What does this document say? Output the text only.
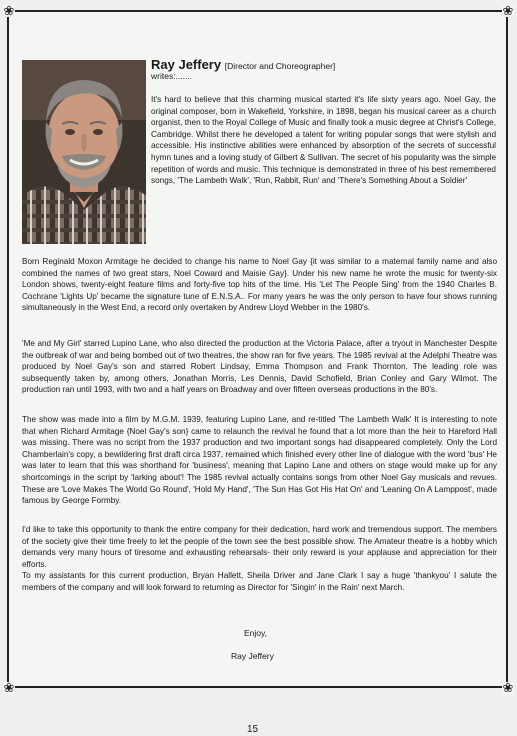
❀	❀
❀	❀
Ray Jeffery [Director and Choreographer]
writes:.......

It's hard to believe that this charming musical started it's life sixty years ago. Noel Gay, the original composer, born in Wakefield, Yorkshire, in 1898, began his musical career as a church organist, then to the Royal College of Music and finally took a music degree at Christ's College, Cambridge. Whilst there he developed a talent for writing popular songs that were stylish and accessible. His instinctive abilities were enhanced by absorption of the secrets of successful hymn tunes and a loving study of Gilbert & Sullivan. The secret of his popularity was the simple repetition of words and music. This technique is demonstrated in three of his best remembered songs, 'The Lambeth Walk', 'Run, Rabbit, Run' and 'There's Something About a Soldier'

Born Reginald Moxon Armitage he decided to change his name to Noel Gay {it was similar to a maternal family name and also combined the names of two great stars, Noel Coward and Maisie Gay}. Under his new name he wrote the music for twenty-six London shows, twenty-eight feature films and forty-five top hits of the time. His 'Let The People Sing' from the 1940 Charles B. Cochrane 'Lights Up' became the signature tune of E.N.S.A.. For many years he was the only person to have four shows running simultaneously in the West End, a record only overtaken by Andrew Lloyd Webber in the 1980's.

'Me and My Girl' starred Lupino Lane, who also directed the production at the Victoria Palace, after a tryout in Manchester Despite the outbreak of war and being bombed out of two theatres, the show ran for five years. The 1985 revival at the Adelphi Theatre was produced by Noel Gay's son and starred Robert Lindsay, Emma Thompson and Frank Thornton. The leading role was subsequently taken by, among others, Jonathan Morris, Les Dennis, David Schofield, Brian Conley and Gary Wilmot. The production ran until 1993, with two and a half years on Broadway and over fifteen overseas productions in the 80's.

The show was made into a film by M.G.M. 1939, featuring Lupino Lane, and re-titled 'The Lambeth Walk' It is interesting to note that when Richard Armitage {Noel Gay's son} came to relaunch the revival he found that a lot more than the heir to Hareford Hall was missing. There was no script from the 1937 production and two important songs had disappeared completely. Only the Lord Chamberlain's copy, a bewildering first draft circa 1937, remained which finished every other line of dialogue with the word 'bus' He was later to learn that this was shorthand for 'business', meaning that Lapino Lane and others on stage would make up for any shortcomings in the script by 'larking about'! The 1985 revival actually contains songs from other Noel Gay musicals and revues. These are 'Love Makes The World Go Round', 'Hold My Hand', 'The Sun Has Got His Hat On' and 'Leaning On A Lamppost', made famous by George Formby.

I'd like to take this opportunity to thank the entire company for their dedication, hard work and tremendous support. The members of the society give their time freely to let the people of the town see the best possible show. The Amateur theatre is a hobby which demands very many hours of tiresome and exhausting rehearsals- their only reward is your applause and appreciation for their efforts.
To my assistants for this current production, Bryan Hallett, Sheila Driver and Jane Clark I say a huge 'thankyou' I salute the members of the company and will look forward to returning as Director for 'Singin' in the Rain' next March.

Enjoy,
Ray Jeffery
15
